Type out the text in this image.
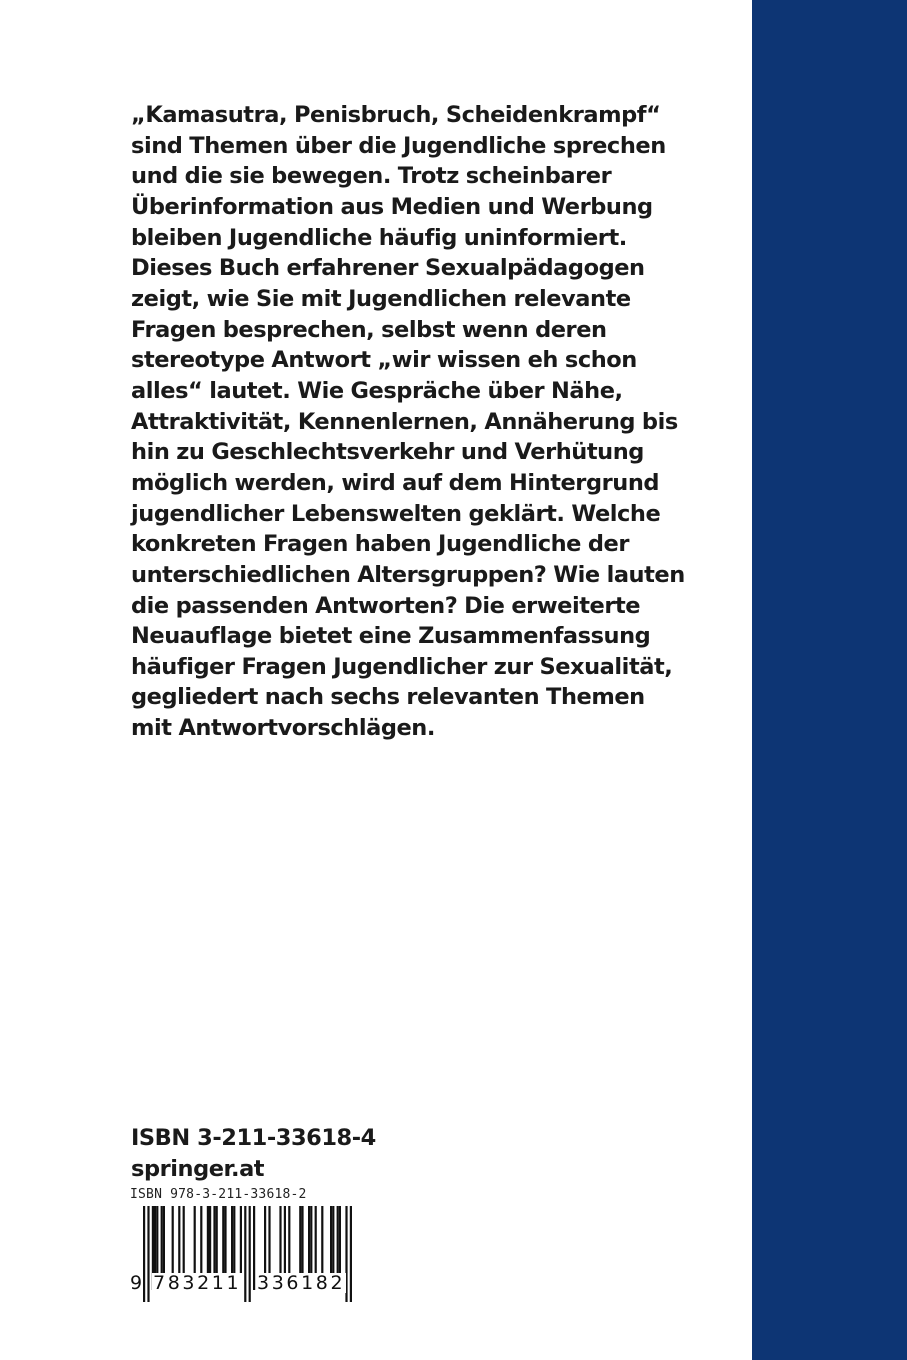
„Kamasutra, Penisbruch, Scheidenkrampf“
sind Themen über die Jugendliche sprechen
und die sie bewegen. Trotz scheinbarer
Überinformation aus Medien und Werbung
bleiben Jugendliche häufig uninformiert.
Dieses Buch erfahrener Sexualpädagogen
zeigt, wie Sie mit Jugendlichen relevante
Fragen besprechen, selbst wenn deren
stereotype Antwort „wir wissen eh schon
alles“ lautet. Wie Gespräche über Nähe,
Attraktivität, Kennenlernen, Annäherung bis
hin zu Geschlechtsverkehr und Verhütung
möglich werden, wird auf dem Hintergrund
jugendlicher Lebenswelten geklärt. Welche
konkreten Fragen haben Jugendliche der
unterschiedlichen Altersgruppen? Wie lauten
die passenden Antworten? Die erweiterte
Neuauflage bietet eine Zusammenfassung
häufiger Fragen Jugendlicher zur Sexualität,
gegliedert nach sechs relevanten Themen
mit Antwortvorschlägen.
ISBN 3-211-33618-4
springer.at
ISBN 978-3-211-33618-2
9 783211 336182
